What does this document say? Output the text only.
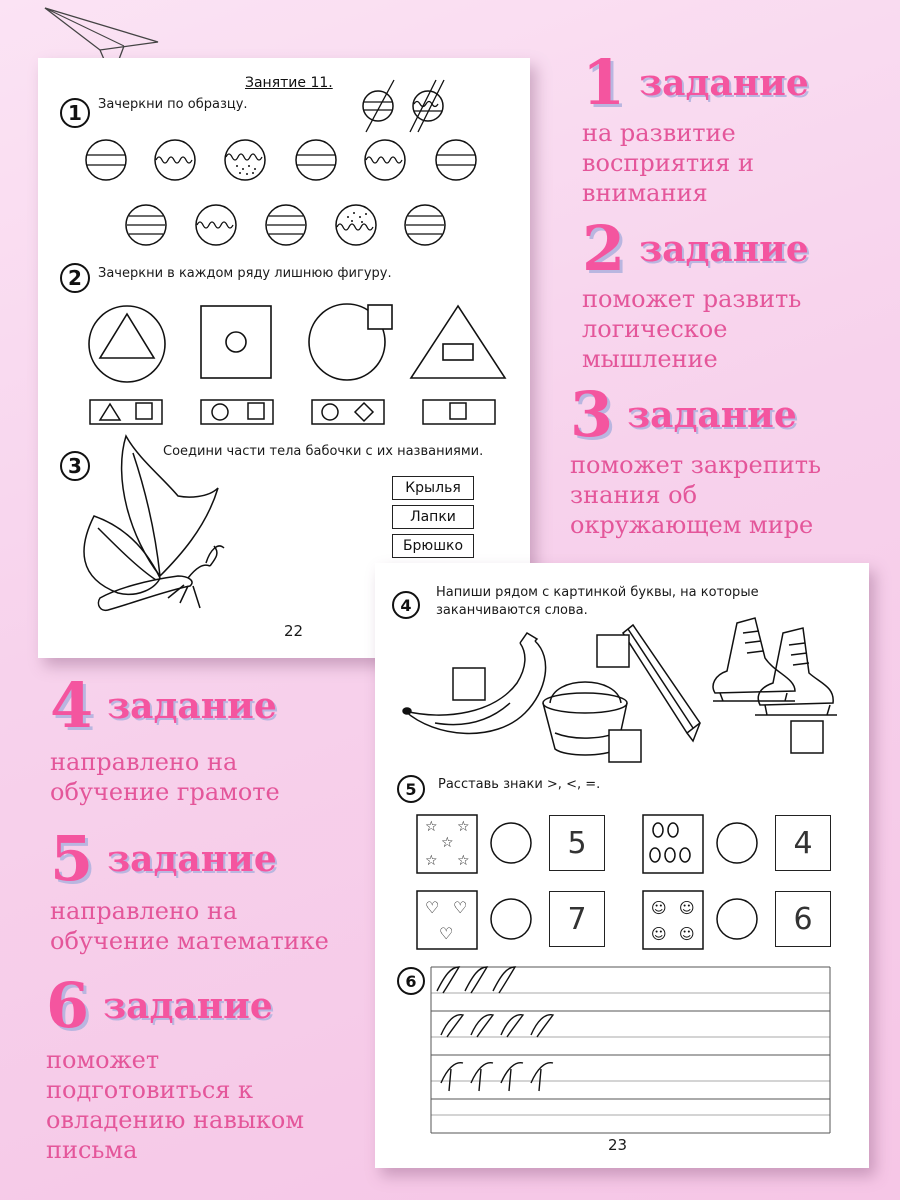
Занятие 11.
1	Зачеркни по образцу.
2	Зачеркни в каждом ряду лишнюю фигуру.
3
Соедини части тела бабочки с их названиями.
Крылья
Лапки
Брюшко
22
4
Напиши рядом с картинкой буквы, на которые
заканчиваются слова.
☆ ☆
☆
☆ ☆
♡ ♡
♡
☺ ☺
☺ ☺
5	4
7	6
5	Расставь знаки >, <, =.
6
23
1 задание
на развитие
восприятия и
внимания
2 задание
поможет развить
логическое
мышление
3 задание
поможет закрепить
знания об
окружающем мире
4 задание
направлено на
обучение грамоте
5 задание
направлено на
обучение математике
6 задание
поможет
подготовиться к
овладению навыком
письма
